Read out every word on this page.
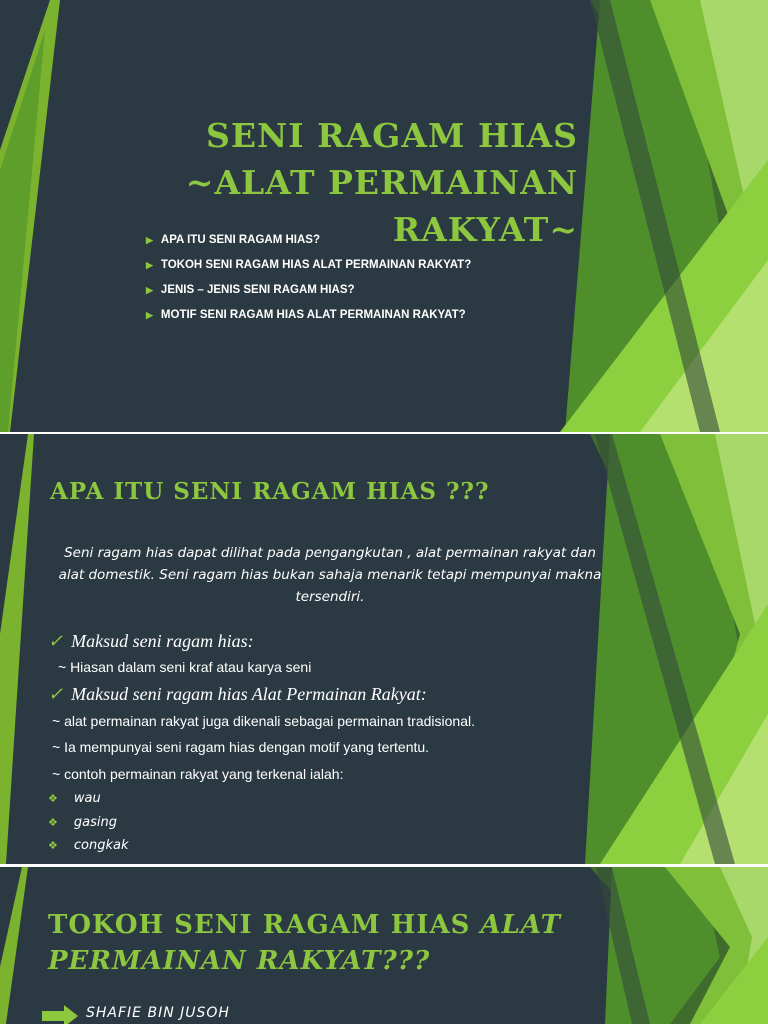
SENI RAGAM HIAS
~ALAT PERMAINAN
RAKYAT~
▶ APA ITU SENI RAGAM HIAS?
▶ TOKOH SENI RAGAM HIAS ALAT PERMAINAN RAKYAT?
▶ JENIS – JENIS SENI RAGAM HIAS?
▶ MOTIF SENI RAGAM HIAS ALAT PERMAINAN RAKYAT?
APA ITU SENI RAGAM HIAS ???
Seni ragam hias dapat dilihat pada pengangkutan , alat permainan rakyat dan alat domestik. Seni ragam hias bukan sahaja menarik tetapi mempunyai makna tersendiri.
✓ Maksud seni ragam hias:
~ Hiasan dalam seni kraf atau karya seni
✓ Maksud seni ragam hias Alat Permainan Rakyat:
~ alat permainan rakyat juga dikenali sebagai permainan tradisional.
~ Ia mempunyai seni ragam hias dengan motif yang tertentu.
~ contoh permainan rakyat yang terkenal ialah:
❖ wau
❖ gasing
❖ congkak
TOKOH SENI RAGAM HIAS ALAT PERMAINAN RAKYAT???
SHAFIE BIN JUSOH
